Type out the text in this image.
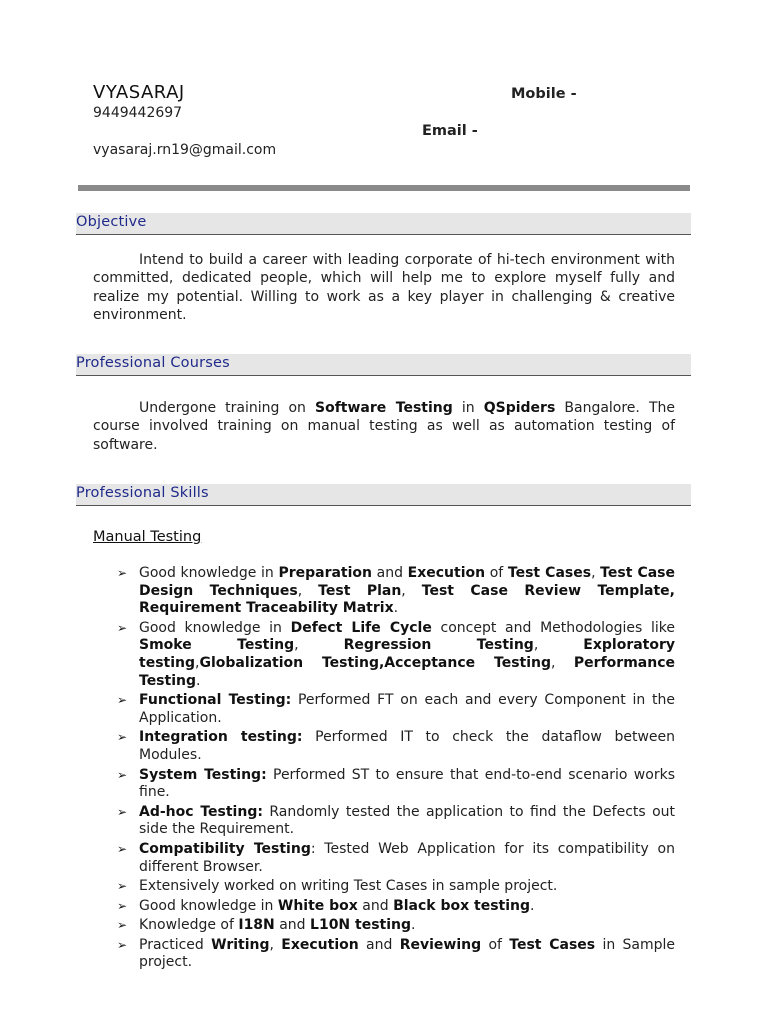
VYASARAJ	Mobile -
9449442697
Email -
vyasaraj.rn19@gmail.com
Objective
Intend to build a career with leading corporate of hi-tech environment with committed, dedicated people, which will help me to explore myself fully and realize my potential. Willing to work as a key player in challenging & creative environment.
Professional Courses
Undergone training on Software Testing in QSpiders Bangalore. The course involved training on manual testing as well as automation testing of software.
Professional Skills
Manual Testing
➢ Good knowledge in Preparation and Execution of Test Cases, Test Case Design Techniques, Test Plan, Test Case Review Template, Requirement Traceability Matrix.
➢ Good knowledge in Defect Life Cycle concept and Methodologies like Smoke Testing, Regression Testing, Exploratory testing,Globalization Testing,Acceptance Testing, Performance Testing.
➢ Functional Testing: Performed FT on each and every Component in the Application.
➢ Integration testing: Performed IT to check the dataflow between Modules.
➢ System Testing: Performed ST to ensure that end-to-end scenario works fine.
➢ Ad-hoc Testing: Randomly tested the application to find the Defects out side the Requirement.
➢ Compatibility Testing: Tested Web Application for its compatibility on different Browser.
➢ Extensively worked on writing Test Cases in sample project.
➢ Good knowledge in White box and Black box testing.
➢ Knowledge of I18N and L10N testing.
➢ Practiced Writing, Execution and Reviewing of Test Cases in Sample project.
